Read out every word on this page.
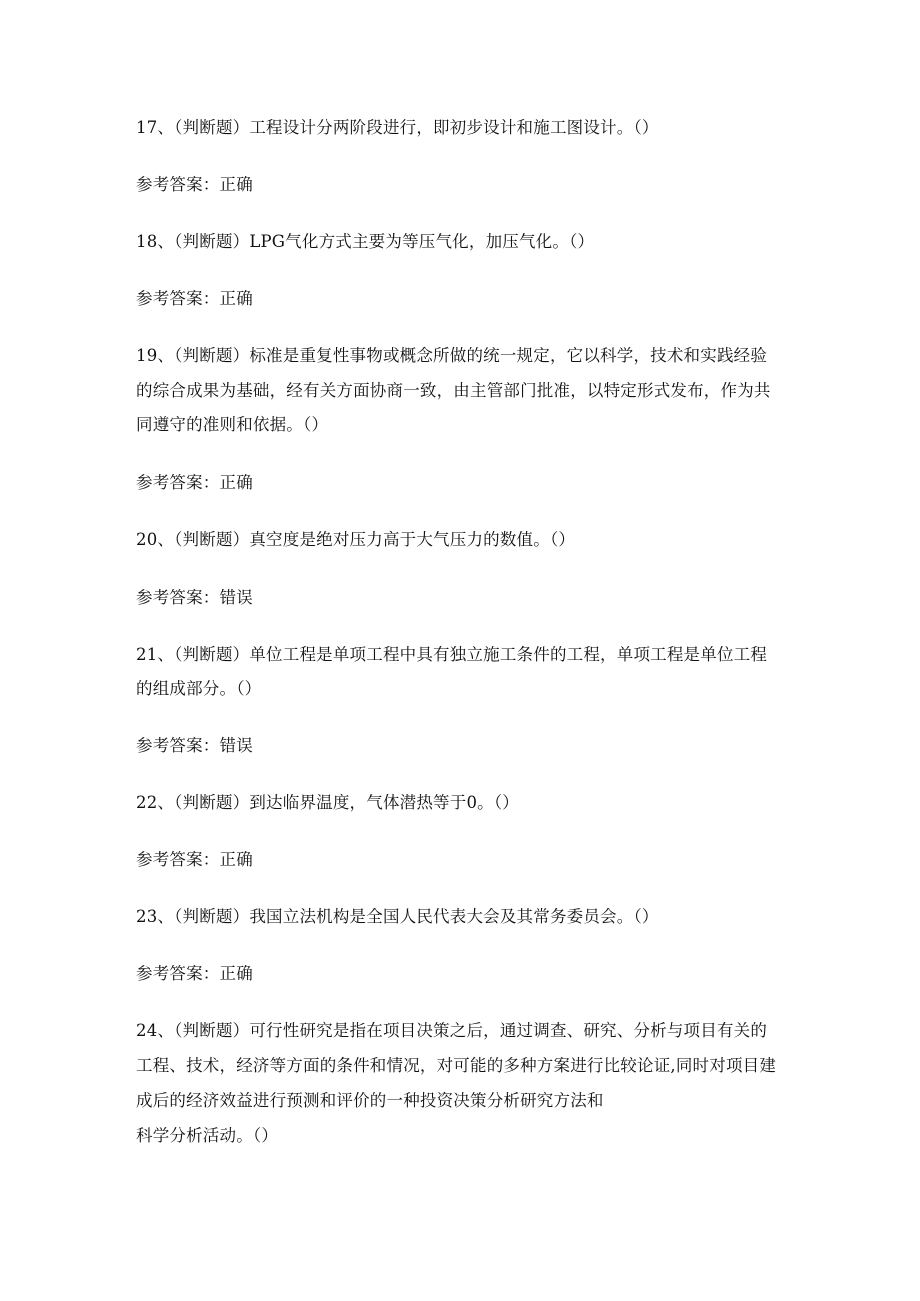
17、（判断题）工程设计分两阶段进行，即初步设计和施工图设计。（）
参考答案：正确
18、（判断题）LPG气化方式主要为等压气化，加压气化。（）
参考答案：正确
19、（判断题）标准是重复性事物或概念所做的统一规定，它以科学，技术和实践经验
的综合成果为基础，经有关方面协商一致，由主管部门批准，以特定形式发布，作为共
同遵守的准则和依据。（）
参考答案：正确
20、（判断题）真空度是绝对压力高于大气压力的数值。（）
参考答案：错误
21、（判断题）单位工程是单项工程中具有独立施工条件的工程，单项工程是单位工程
的组成部分。（）
参考答案：错误
22、（判断题）到达临界温度，气体潜热等于0。（）
参考答案：正确
23、（判断题）我国立法机构是全国人民代表大会及其常务委员会。（）
参考答案：正确
24、（判断题）可行性研究是指在项目决策之后，通过调查、研究、分析与项目有关的
工程、技术，经济等方面的条件和情况，对可能的多种方案进行比较论证,同时对项目建
成后的经济效益进行预测和评价的一种投资决策分析研究方法和
科学分析活动。（）
